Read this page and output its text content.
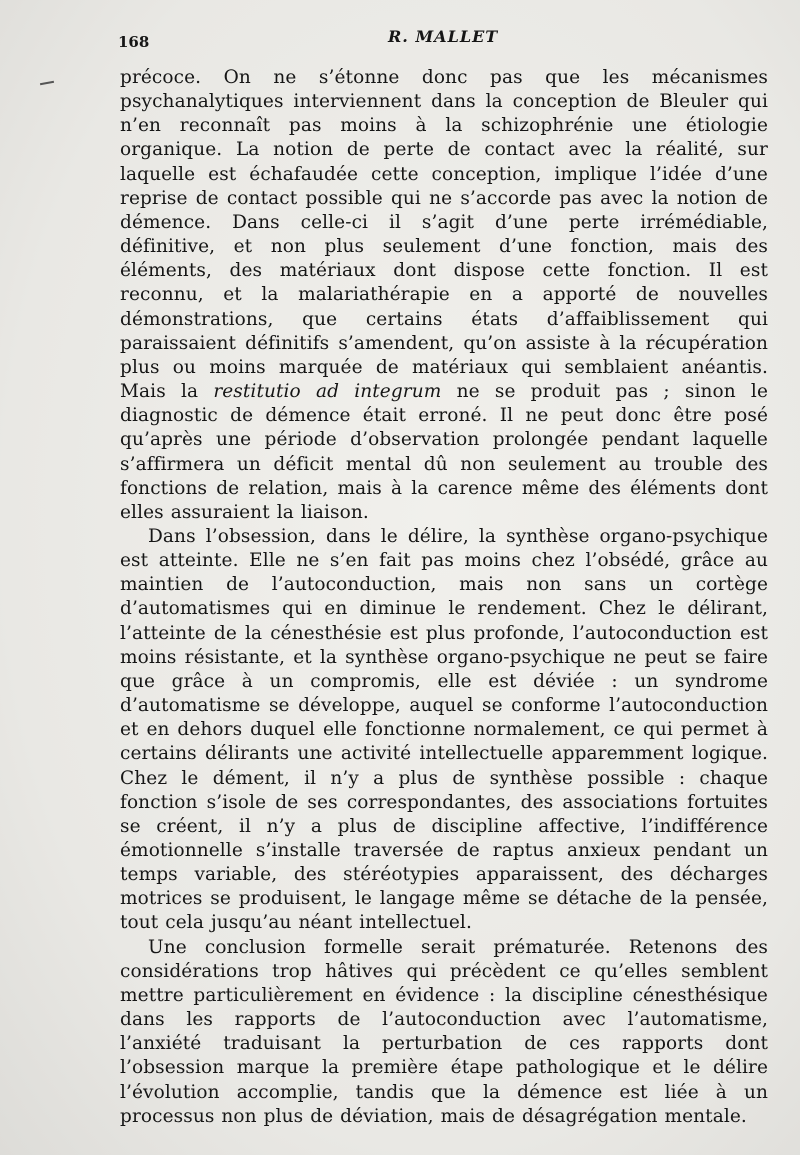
168	R. MALLET

précoce. On ne s’étonne donc pas que les mécanismes psychanalytiques interviennent dans la conception de Bleuler qui n’en reconnaît pas moins à la schizophrénie une étiologie organique. La notion de perte de contact avec la réalité, sur laquelle est échafaudée cette conception, implique l’idée d’une reprise de contact possible qui ne s’accorde pas avec la notion de démence. Dans celle-ci il s’agit d’une perte irrémédiable, définitive, et non plus seulement d’une fonction, mais des éléments, des matériaux dont dispose cette fonction. Il est reconnu, et la malariathérapie en a apporté de nouvelles démonstrations, que certains états d’affaiblissement qui paraissaient définitifs s’amendent, qu’on assiste à la récupération plus ou moins marquée de matériaux qui semblaient anéantis. Mais la restitutio ad integrum ne se produit pas ; sinon le diagnostic de démence était erroné. Il ne peut donc être posé qu’après une période d’observation prolongée pendant laquelle s’affirmera un déficit mental dû non seulement au trouble des fonctions de relation, mais à la carence même des éléments dont elles assuraient la liaison.

Dans l’obsession, dans le délire, la synthèse organo-psychique est atteinte. Elle ne s’en fait pas moins chez l’obsédé, grâce au maintien de l’autoconduction, mais non sans un cortège d’automatismes qui en diminue le rendement. Chez le délirant, l’atteinte de la cénesthésie est plus profonde, l’autoconduction est moins résistante, et la synthèse organo-psychique ne peut se faire que grâce à un compromis, elle est déviée : un syndrome d’automatisme se développe, auquel se conforme l’autoconduction et en dehors duquel elle fonctionne normalement, ce qui permet à certains délirants une activité intellectuelle apparemment logique. Chez le dément, il n’y a plus de synthèse possible : chaque fonction s’isole de ses correspondantes, des associations fortuites se créent, il n’y a plus de discipline affective, l’indifférence émotionnelle s’installe traversée de raptus anxieux pendant un temps variable, des stéréotypies apparaissent, des décharges motrices se produisent, le langage même se détache de la pensée, tout cela jusqu’au néant intellectuel.

Une conclusion formelle serait prématurée. Retenons des considérations trop hâtives qui précèdent ce qu’elles semblent mettre particulièrement en évidence : la discipline cénesthésique dans les rapports de l’autoconduction avec l’automatisme, l’anxiété traduisant la perturbation de ces rapports dont l’obsession marque la première étape pathologique et le délire l’évolution accomplie, tandis que la démence est liée à un processus non plus de déviation, mais de désagrégation mentale.
